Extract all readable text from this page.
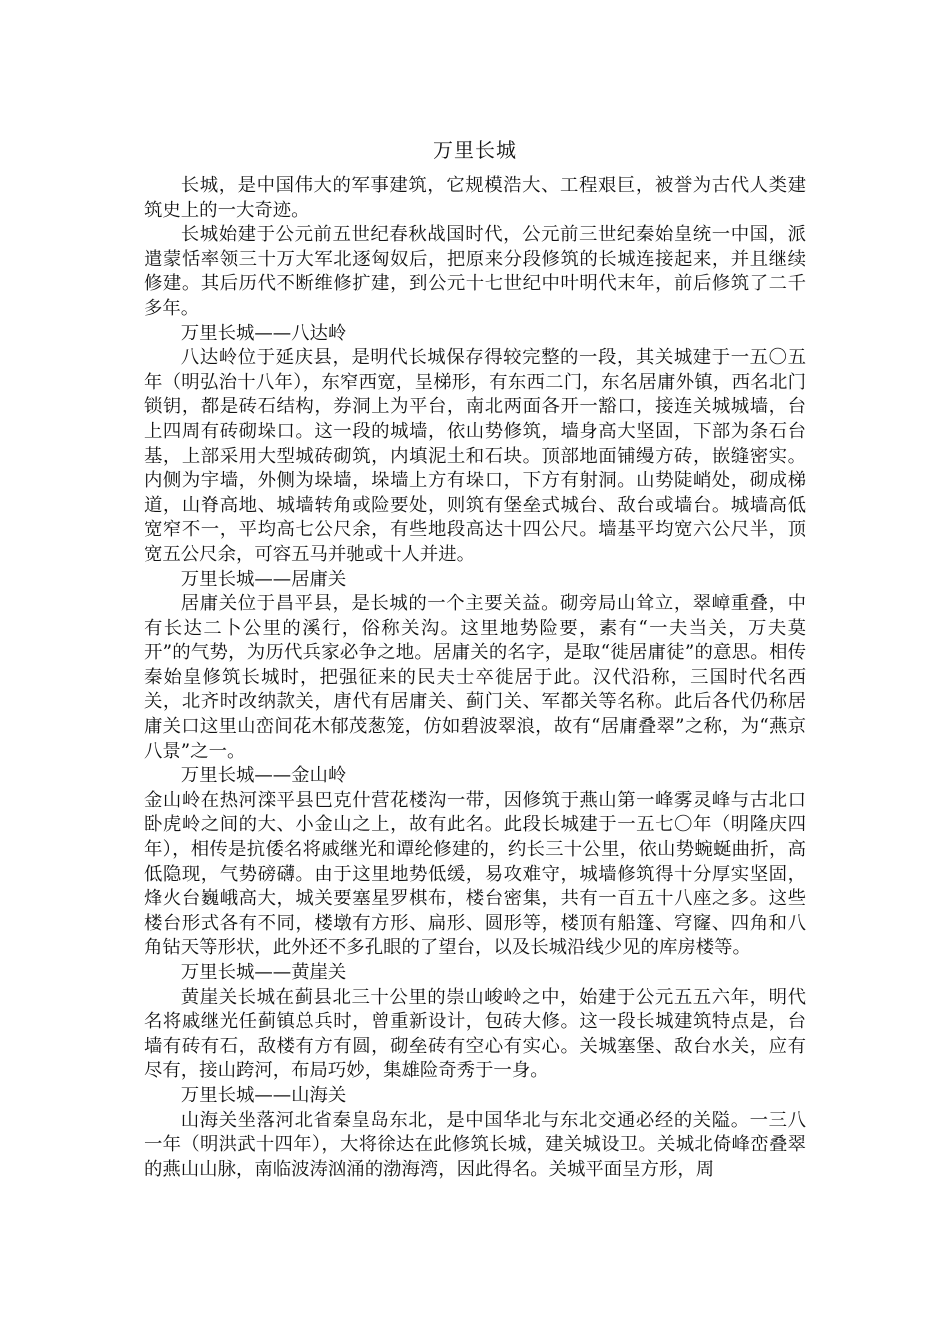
万里长城

长城，是中国伟大的军事建筑，它规模浩大、工程艰巨，被誉为古代人类建筑史上的一大奇迹。

长城始建于公元前五世纪春秋战国时代，公元前三世纪秦始皇统一中国，派遣蒙恬率领三十万大军北逐匈奴后，把原来分段修筑的长城连接起来，并且继续修建。其后历代不断维修扩建，到公元十七世纪中叶明代末年，前后修筑了二千多年。

万里长城——八达岭

八达岭位于延庆县，是明代长城保存得较完整的一段，其关城建于一五〇五年（明弘治十八年），东窄西宽，呈梯形，有东西二门，东名居庸外镇，西名北门锁钥，都是砖石结构，券洞上为平台，南北两面各开一豁口，接连关城城墙，台上四周有砖砌垛口。这一段的城墙，依山势修筑，墙身高大坚固，下部为条石台基，上部采用大型城砖砌筑，内填泥土和石块。顶部地面铺缦方砖，嵌缝密实。内侧为宇墙，外侧为垛墙，垛墙上方有垛口，下方有射洞。山势陡峭处，砌成梯道，山脊高地、城墙转角或险要处，则筑有堡垒式城台、敌台或墙台。城墙高低宽窄不一，平均高七公尺余，有些地段高达十四公尺。墙基平均宽六公尺半，顶宽五公尺余，可容五马并驰或十人并进。

万里长城——居庸关

居庸关位于昌平县，是长城的一个主要关益。砌旁局山耸立，翠嶂重叠，中有长达二卜公里的溪行，俗称关沟。这里地势险要，素有“一夫当关，万夫莫开”的气势，为历代兵家必争之地。居庸关的名字，是取“徙居庸徒”的意思。相传秦始皇修筑长城时，把强征来的民夫士卒徙居于此。汉代沿称，三国时代名西关，北齐时改纳款关，唐代有居庸关、蓟门关、军都关等名称。此后各代仍称居庸关口这里山峦间花木郁茂葱笼，仿如碧波翠浪，故有“居庸叠翠”之称，为“燕京八景”之一。

万里长城——金山岭

金山岭在热河滦平县巴克什营花楼沟一带，因修筑于燕山第一峰雾灵峰与古北口卧虎岭之间的大、小金山之上，故有此名。此段长城建于一五七〇年（明隆庆四年），相传是抗倭名将戚继光和谭纶修建的，约长三十公里，依山势蜿蜒曲折，高低隐现，气势磅礴。由于这里地势低缓，易攻难守，城墙修筑得十分厚实坚固，烽火台巍峨高大，城关要塞星罗棋布，楼台密集，共有一百五十八座之多。这些楼台形式各有不同，楼墩有方形、扁形、圆形等，楼顶有船篷、穹窿、四角和八角钻天等形状，此外还不多孔眼的了望台，以及长城沿线少见的库房楼等。

万里长城——黄崖关

黄崖关长城在蓟县北三十公里的崇山峻岭之中，始建于公元五五六年，明代名将戚继光任蓟镇总兵时，曾重新设计，包砖大修。这一段长城建筑特点是，台墙有砖有石，敌楼有方有圆，砌垒砖有空心有实心。关城塞堡、敌台水关，应有尽有，接山跨河，布局巧妙，集雄险奇秀于一身。

万里长城——山海关

山海关坐落河北省秦皇岛东北，是中国华北与东北交通必经的关隘。一三八一年（明洪武十四年），大将徐达在此修筑长城，建关城设卫。关城北倚峰峦叠翠的燕山山脉，南临波涛汹涌的渤海湾，因此得名。关城平面呈方形，周
